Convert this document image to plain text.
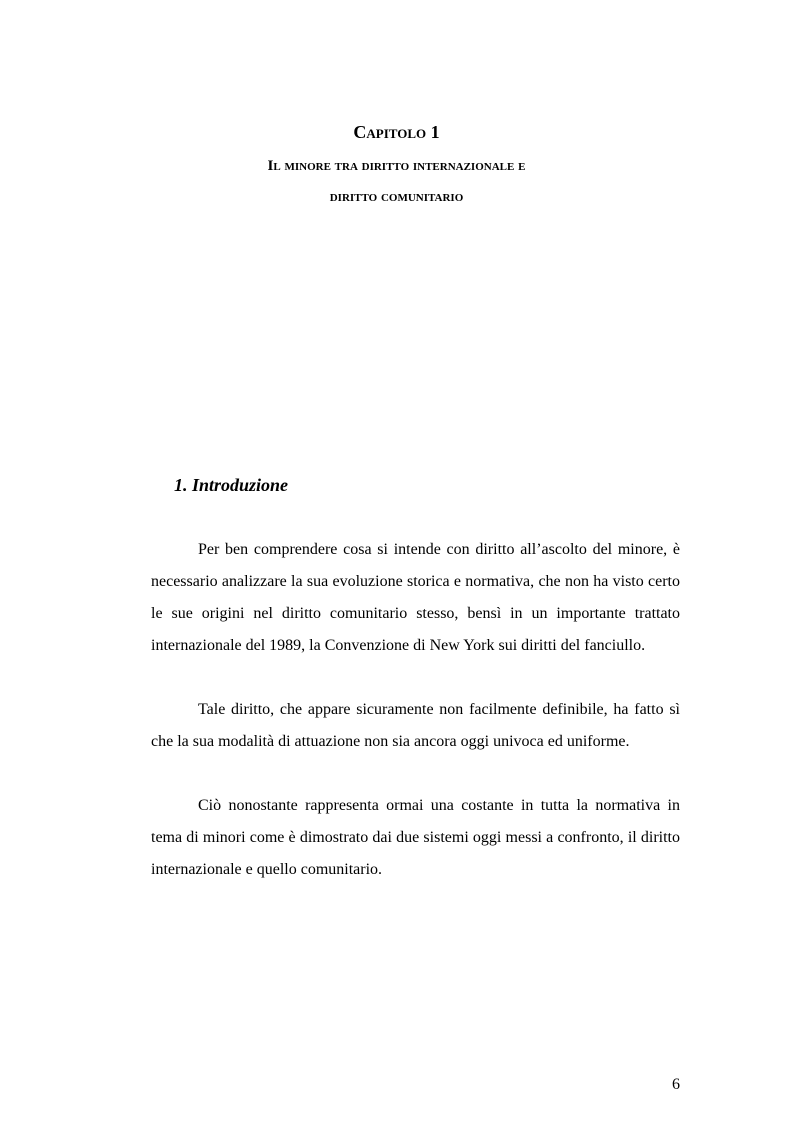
Capitolo 1
Il minore tra diritto internazionale e
diritto comunitario
1. Introduzione

Per ben comprendere cosa si intende con diritto all’ascolto del minore, è necessario analizzare la sua evoluzione storica e normativa, che non ha visto certo le sue origini nel diritto comunitario stesso, bensì in un importante trattato internazionale del 1989, la Convenzione di New York sui diritti del fanciullo.

Tale diritto, che appare sicuramente non facilmente definibile, ha fatto sì che la sua modalità di attuazione non sia ancora oggi univoca ed uniforme.

Ciò nonostante rappresenta ormai una costante in tutta la normativa in tema di minori come è dimostrato dai due sistemi oggi messi a confronto, il diritto internazionale e quello comunitario.

6
